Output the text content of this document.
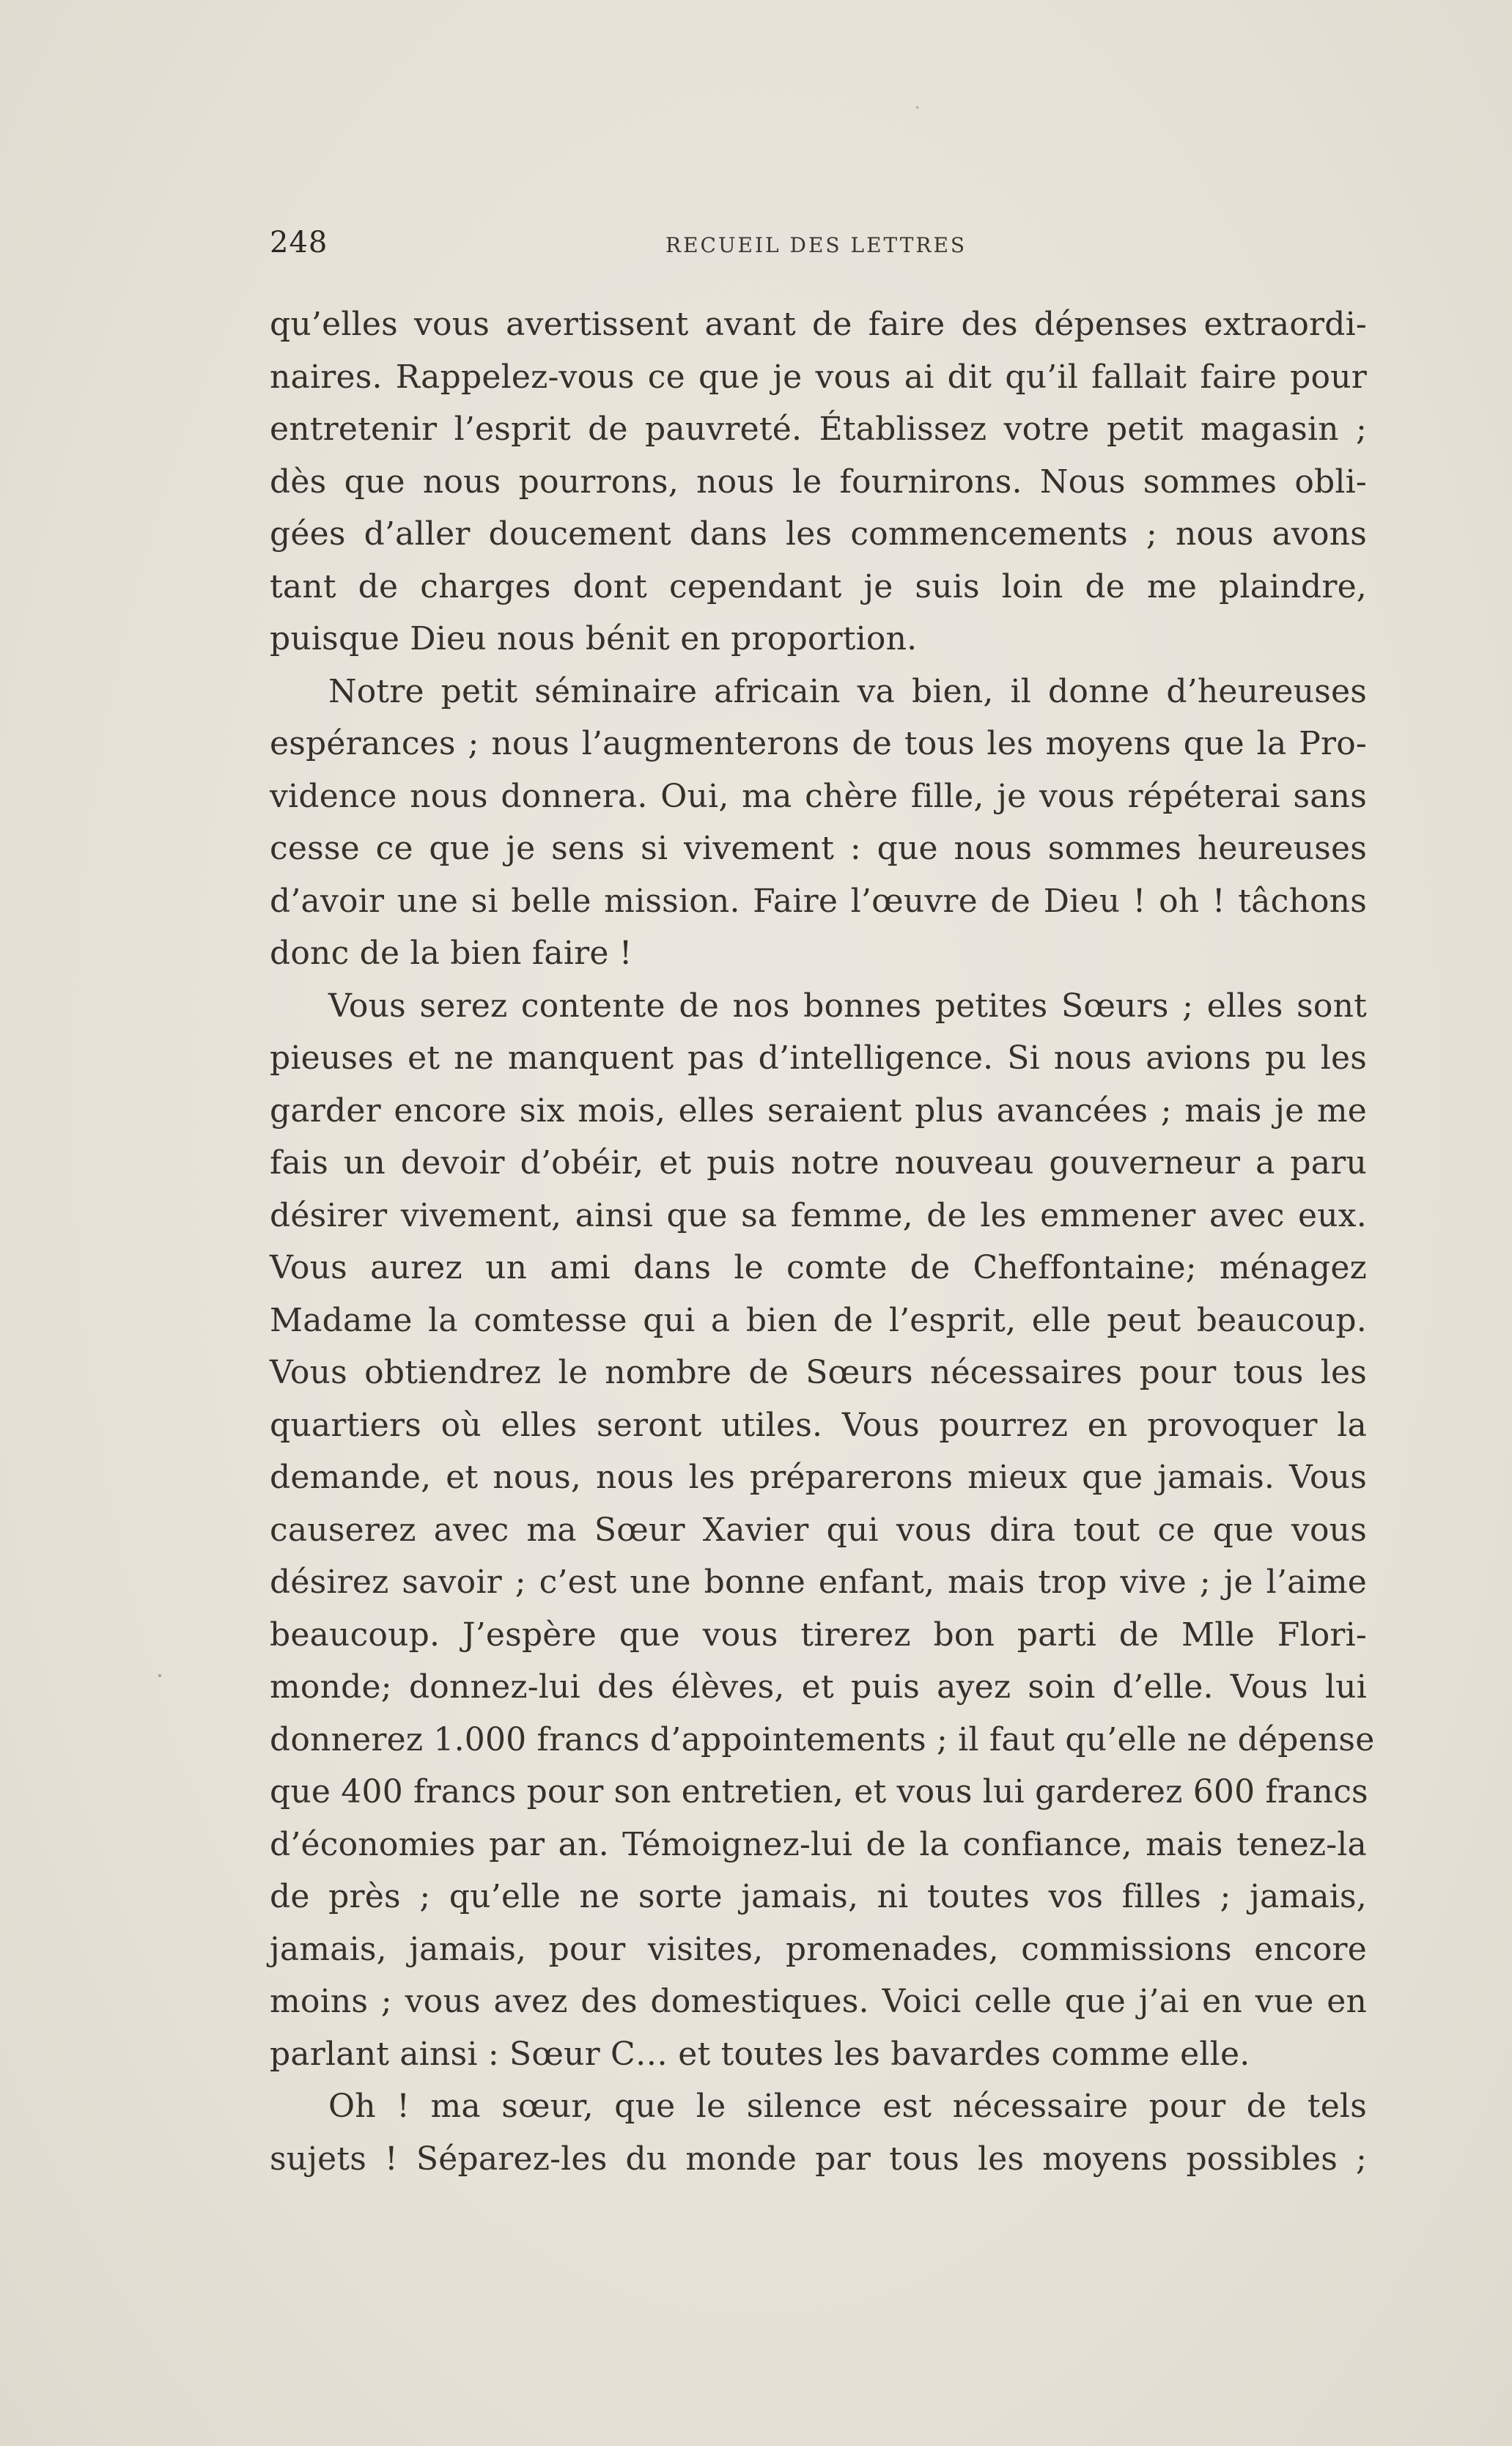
248	RECUEIL DES LETTRES
qu’elles vous avertissent avant de faire des dépenses extraordi-
naires. Rappelez-vous ce que je vous ai dit qu’il fallait faire pour
entretenir l’esprit de pauvreté. Établissez votre petit magasin ;
dès que nous pourrons, nous le fournirons. Nous sommes obli-
gées d’aller doucement dans les commencements ; nous avons
tant de charges dont cependant je suis loin de me plaindre,
puisque Dieu nous bénit en proportion.
Notre petit séminaire africain va bien, il donne d’heureuses
espérances ; nous l’augmenterons de tous les moyens que la Pro-
vidence nous donnera. Oui, ma chère fille, je vous répéterai sans
cesse ce que je sens si vivement : que nous sommes heureuses
d’avoir une si belle mission. Faire l’œuvre de Dieu ! oh ! tâchons
donc de la bien faire !
Vous serez contente de nos bonnes petites Sœurs ; elles sont
pieuses et ne manquent pas d’intelligence. Si nous avions pu les
garder encore six mois, elles seraient plus avancées ; mais je me
fais un devoir d’obéir, et puis notre nouveau gouverneur a paru
désirer vivement, ainsi que sa femme, de les emmener avec eux.
Vous aurez un ami dans le comte de Cheffontaine; ménagez
Madame la comtesse qui a bien de l’esprit, elle peut beaucoup.
Vous obtiendrez le nombre de Sœurs nécessaires pour tous les
quartiers où elles seront utiles. Vous pourrez en provoquer la
demande, et nous, nous les préparerons mieux que jamais. Vous
causerez avec ma Sœur Xavier qui vous dira tout ce que vous
désirez savoir ; c’est une bonne enfant, mais trop vive ; je l’aime
beaucoup. J’espère que vous tirerez bon parti de Mlle Flori-
monde; donnez-lui des élèves, et puis ayez soin d’elle. Vous lui
donnerez 1.000 francs d’appointements ; il faut qu’elle ne dépense
que 400 francs pour son entretien, et vous lui garderez 600 francs
d’économies par an. Témoignez-lui de la confiance, mais tenez-la
de près ; qu’elle ne sorte jamais, ni toutes vos filles ; jamais,
jamais, jamais, pour visites, promenades, commissions encore
moins ; vous avez des domestiques. Voici celle que j’ai en vue en
parlant ainsi : Sœur C… et toutes les bavardes comme elle.
Oh ! ma sœur, que le silence est nécessaire pour de tels
sujets ! Séparez-les du monde par tous les moyens possibles ;
